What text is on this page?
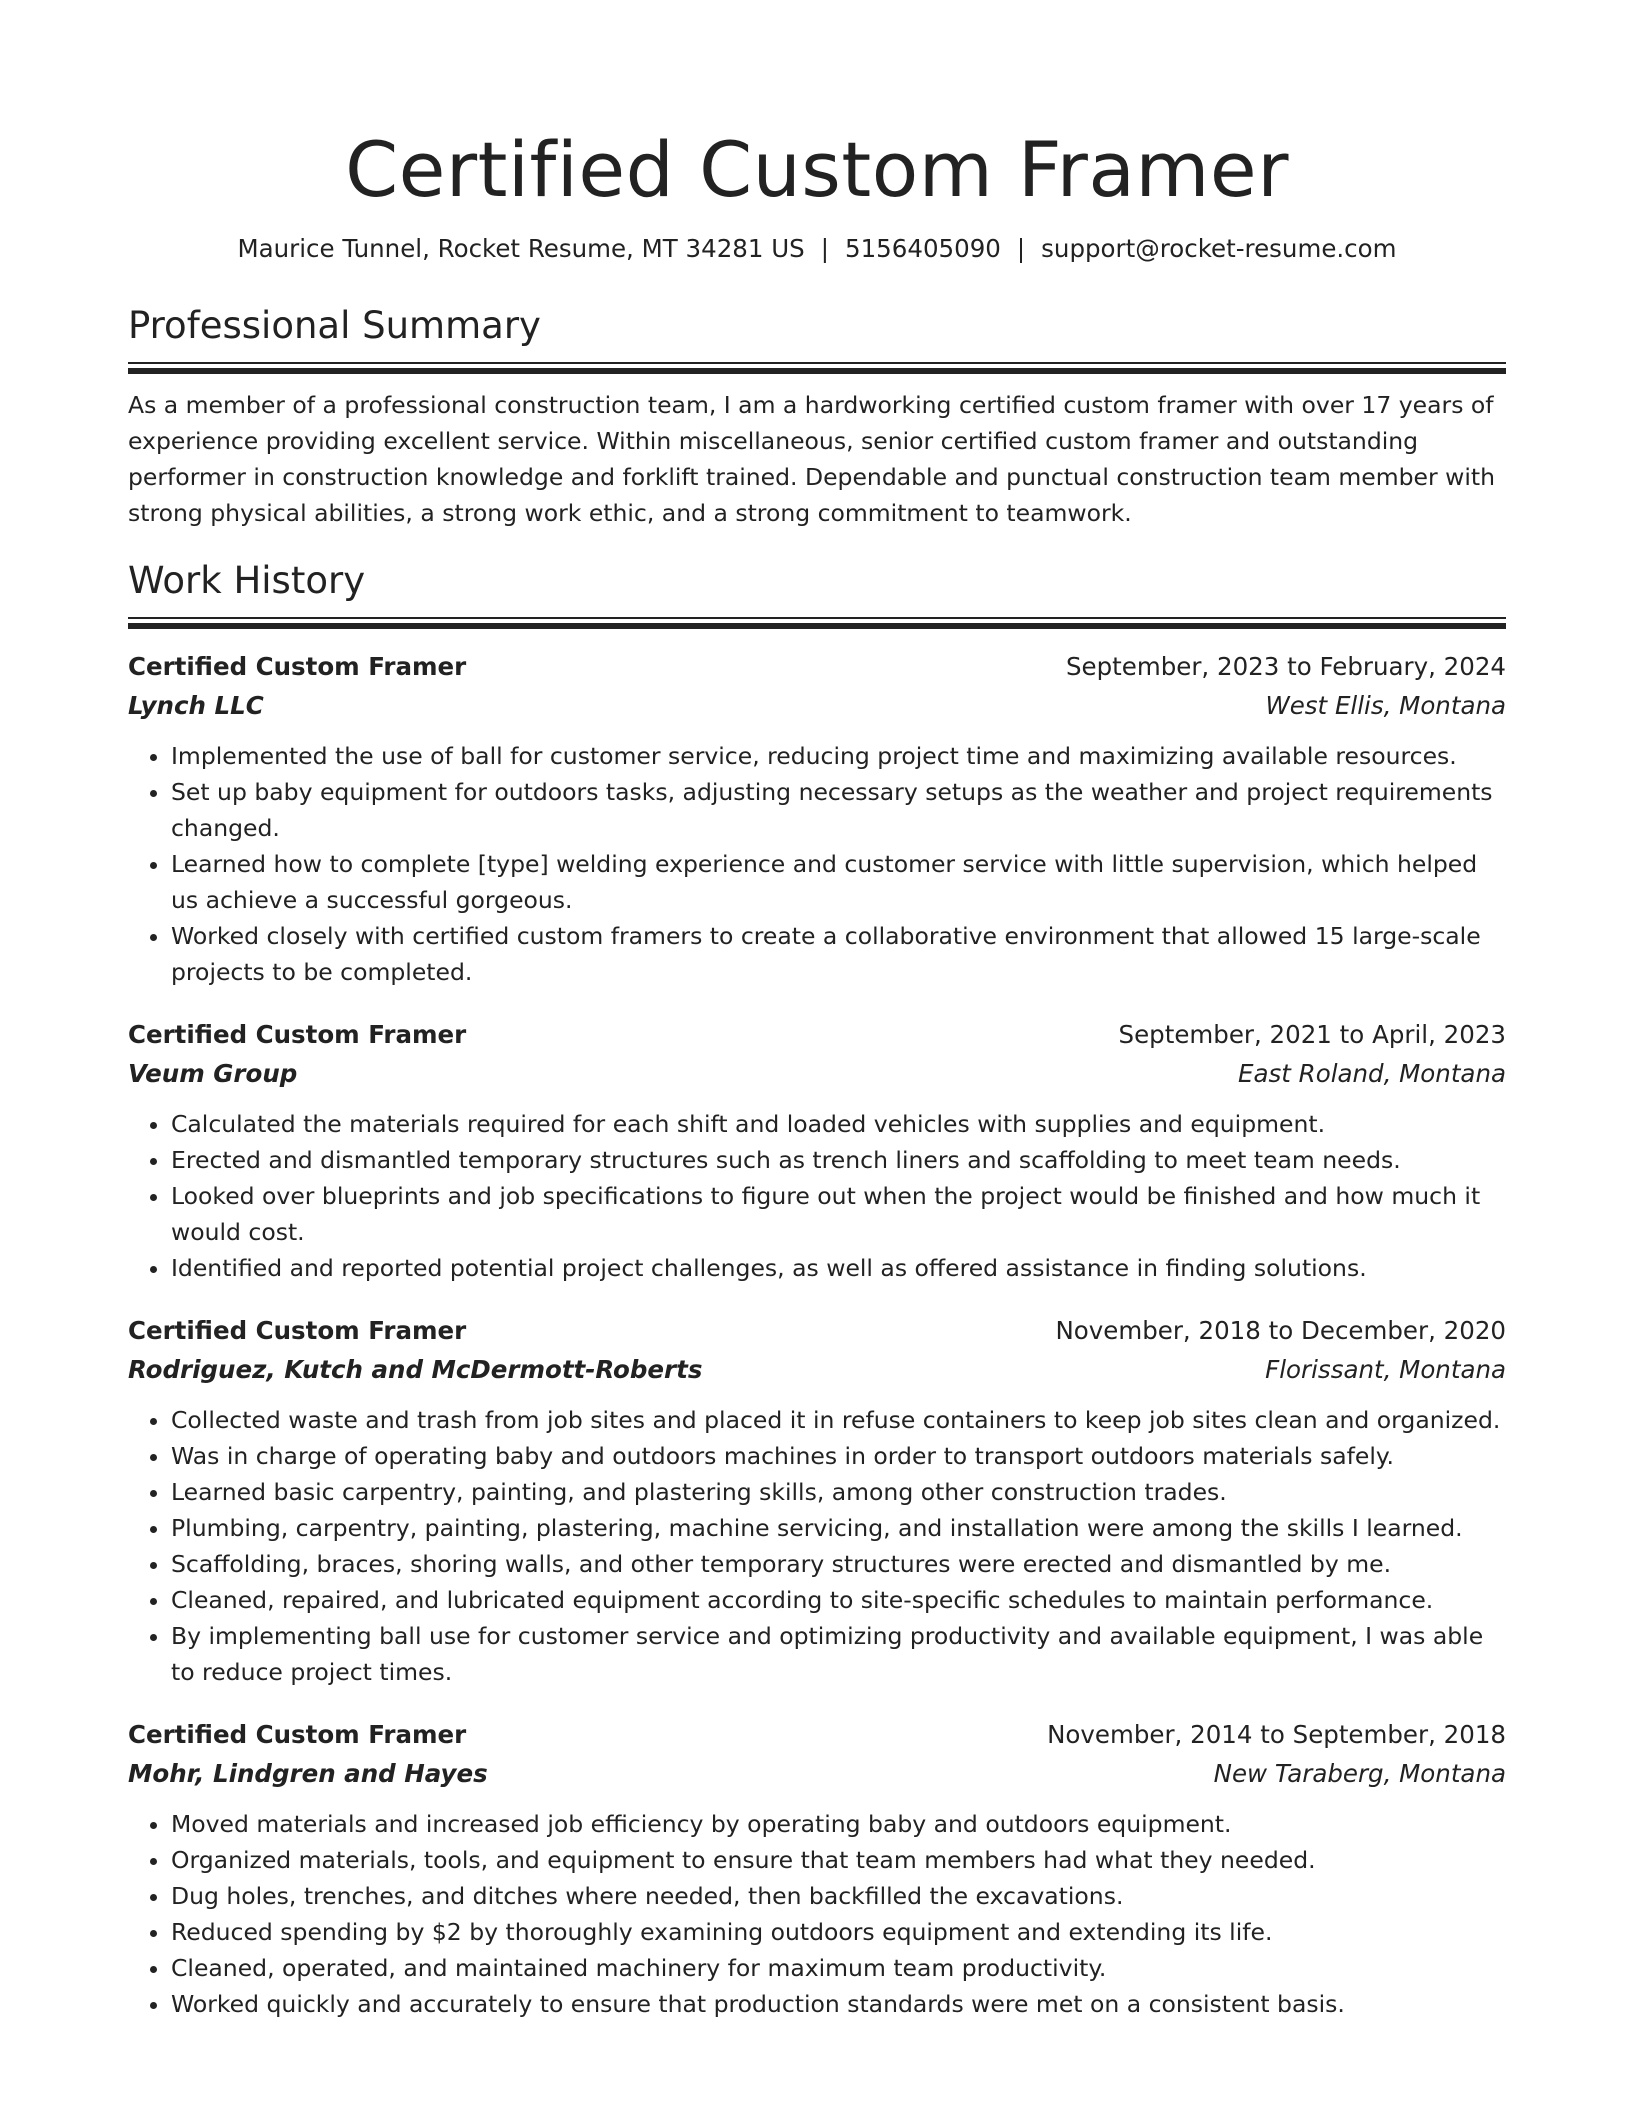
Certified Custom Framer
Maurice Tunnel, Rocket Resume, MT 34281 US | 5156405090 | support@rocket-resume.com
Professional Summary

As a member of a professional construction team, I am a hardworking certified custom framer with over 17 years of experience providing excellent service. Within miscellaneous, senior certified custom framer and outstanding performer in construction knowledge and forklift trained. Dependable and punctual construction team member with strong physical abilities, a strong work ethic, and a strong commitment to teamwork.

Work History
Certified Custom Framer	September, 2023 to February, 2024
Lynch LLC	West Ellis, Montana
• Implemented the use of ball for customer service, reducing project time and maximizing available resources.
• Set up baby equipment for outdoors tasks, adjusting necessary setups as the weather and project requirements changed.
• Learned how to complete [type] welding experience and customer service with little supervision, which helped us achieve a successful gorgeous.
• Worked closely with certified custom framers to create a collaborative environment that allowed 15 large-scale projects to be completed.
Certified Custom Framer	September, 2021 to April, 2023
Veum Group	East Roland, Montana
• Calculated the materials required for each shift and loaded vehicles with supplies and equipment.
• Erected and dismantled temporary structures such as trench liners and scaffolding to meet team needs.
• Looked over blueprints and job specifications to figure out when the project would be finished and how much it would cost.
• Identified and reported potential project challenges, as well as offered assistance in finding solutions.
Certified Custom Framer	November, 2018 to December, 2020
Rodriguez, Kutch and McDermott-Roberts	Florissant, Montana
• Collected waste and trash from job sites and placed it in refuse containers to keep job sites clean and organized.
• Was in charge of operating baby and outdoors machines in order to transport outdoors materials safely.
• Learned basic carpentry, painting, and plastering skills, among other construction trades.
• Plumbing, carpentry, painting, plastering, machine servicing, and installation were among the skills I learned.
• Scaffolding, braces, shoring walls, and other temporary structures were erected and dismantled by me.
• Cleaned, repaired, and lubricated equipment according to site-specific schedules to maintain performance.
• By implementing ball use for customer service and optimizing productivity and available equipment, I was able to reduce project times.
Certified Custom Framer	November, 2014 to September, 2018
Mohr, Lindgren and Hayes	New Taraberg, Montana
• Moved materials and increased job efficiency by operating baby and outdoors equipment.
• Organized materials, tools, and equipment to ensure that team members had what they needed.
• Dug holes, trenches, and ditches where needed, then backfilled the excavations.
• Reduced spending by $2 by thoroughly examining outdoors equipment and extending its life.
• Cleaned, operated, and maintained machinery for maximum team productivity.
• Worked quickly and accurately to ensure that production standards were met on a consistent basis.
